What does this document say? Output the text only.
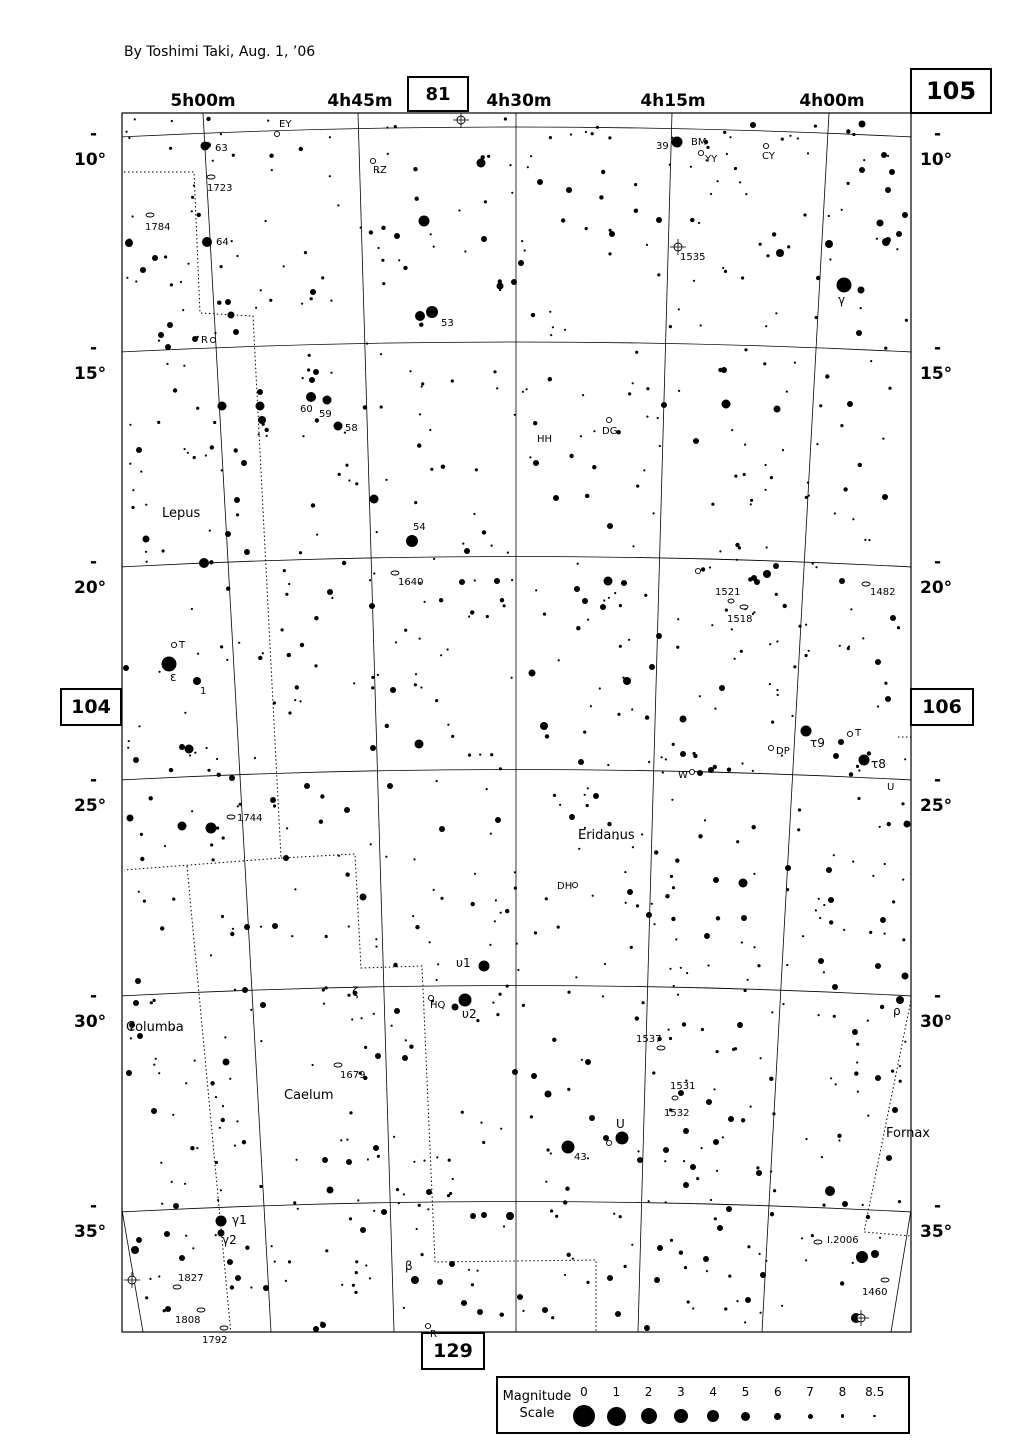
By Toshimi Taki, Aug. 1, ’06
5h00m	4h45m	4h30m	4h15m	4h00m
81	105
104	106
129
-
10°
-
15°
-
20°
-
25°
-
30°
-
35°
-
10°
-
15°
-
20°
-
25°
-
30°
-
35°
Lepus
Eridanus
Columba
Caelum
Fornax
63
1723
1784
64
R
EY
RZ
53
39 BM
YY	CY
1535
γ
60 59
58
HH
DG
54
1640
1521
1518
1482
T
ε
1
T
τ9
τ8
DP
W
U
1744
DH
υ1
υ2
HQ
ζ
ρ
1537
1679
1531
1532
U
43
γ1
γ2
β
I.2006
1460
1827
1808
1792
R
Magnitude
Scale
0	1	2	3	4	5	6	7	8	8.5
